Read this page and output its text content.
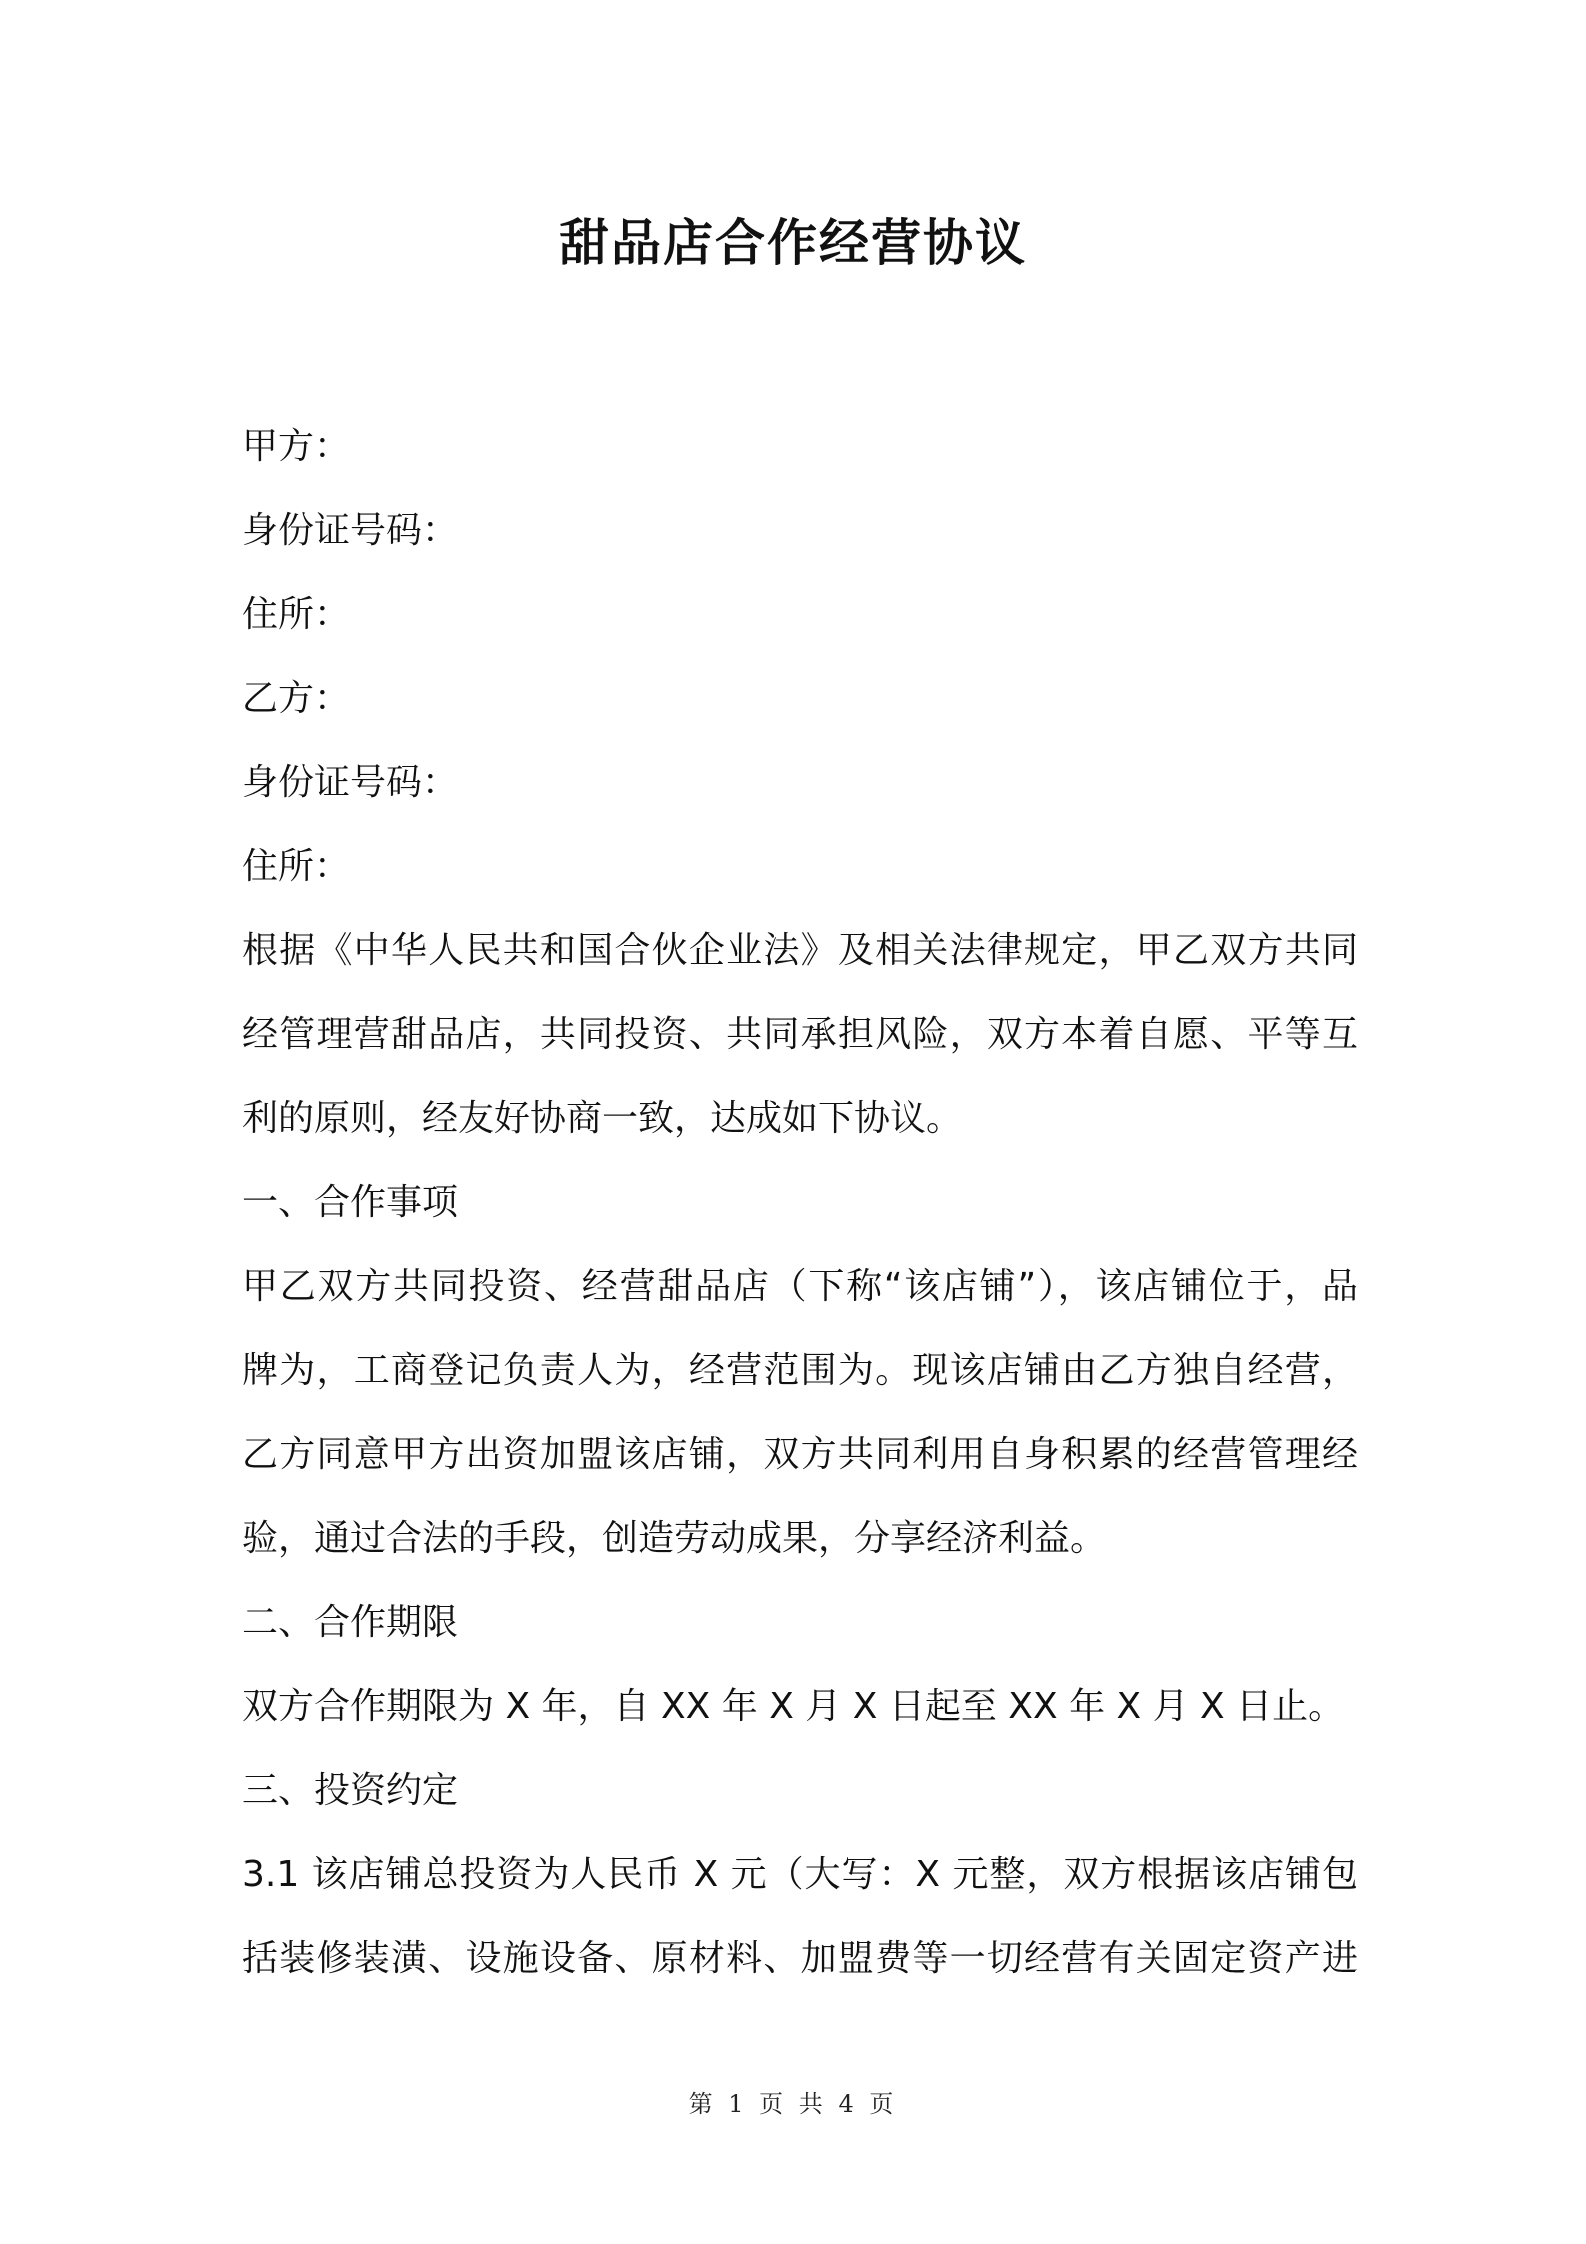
甜品店合作经营协议
甲方：
身份证号码：
住所：
乙方：
身份证号码：
住所：
根据《中华人民共和国合伙企业法》及相关法律规定，甲乙双方共同
经管理营甜品店，共同投资、共同承担风险，双方本着自愿、平等互
利的原则，经友好协商一致，达成如下协议。
一、合作事项
甲乙双方共同投资、经营甜品店（下称“该店铺”），该店铺位于，品
牌为，工商登记负责人为，经营范围为。现该店铺由乙方独自经营，
乙方同意甲方出资加盟该店铺，双方共同利用自身积累的经营管理经
验，通过合法的手段，创造劳动成果，分享经济利益。
二、合作期限
双方合作期限为 X 年，自 XX 年 X 月 X 日起至 XX 年 X 月 X 日止。
三、投资约定
3.1 该店铺总投资为人民币 X 元（大写：X 元整，双方根据该店铺包
括装修装潢、设施设备、原材料、加盟费等一切经营有关固定资产进
第 1 页 共 4 页
